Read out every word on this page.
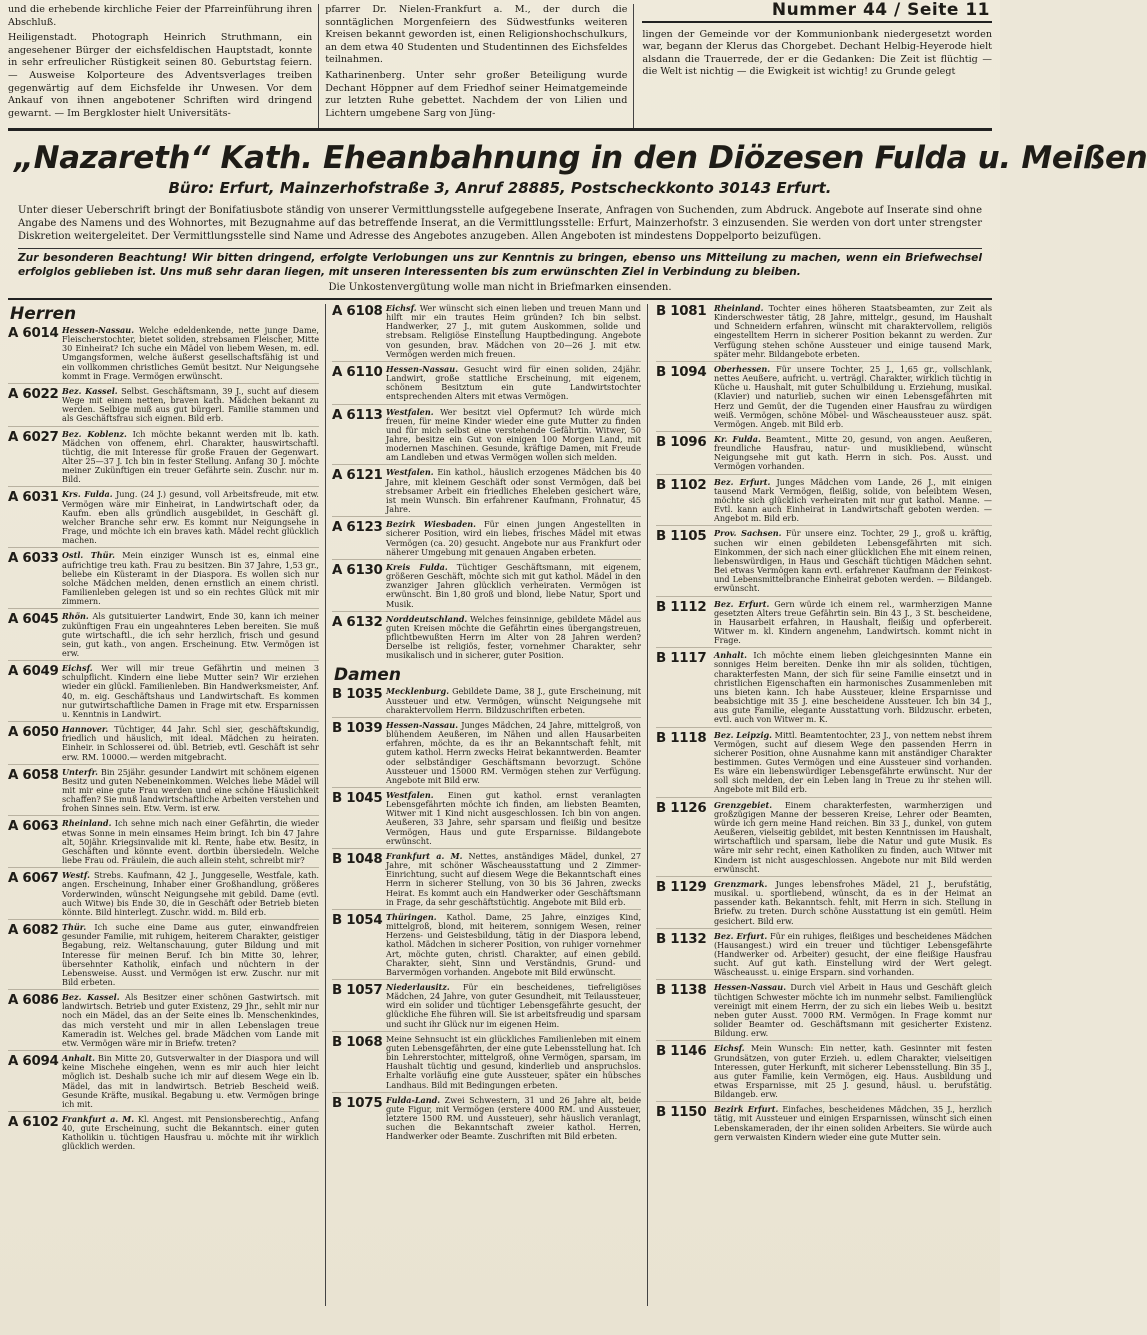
und die erhebende kirchliche Feier der Pfarreinführung ihren Abschluß.

Heiligenstadt. Photograph Heinrich Struthmann, ein angesehener Bürger der eichsfeldischen Hauptstadt, konnte in sehr erfreulicher Rüstigkeit seinen 80. Geburtstag feiern. — Ausweise Kolporteure des Adventsverlages treiben gegenwärtig auf dem Eichsfelde ihr Unwesen. Vor dem Ankauf von ihnen angebotener Schriften wird dringend gewarnt. — Im Bergkloster hielt Universitäts-

pfarrer Dr. Nielen-Frankfurt a. M., der durch die sonntäglichen Morgenfeiern des Südwestfunks weiteren Kreisen bekannt geworden ist, einen Religionshochschulkurs, an dem etwa 40 Studenten und Studentinnen des Eichsfeldes teilnahmen.

Katharinenberg. Unter sehr großer Beteiligung wurde Dechant Höppner auf dem Friedhof seiner Heimatgemeinde zur letzten Ruhe gebettet. Nachdem der von Lilien und Lichtern umgebene Sarg von Jüng-

Nummer 44 / Seite 11

lingen der Gemeinde vor der Kommunionbank niedergesetzt worden war, begann der Klerus das Chorgebet. Dechant Helbig-Heyerode hielt alsdann die Trauerrede, der er die Gedanken: Die Zeit ist flüchtig — die Welt ist nichtig — die Ewigkeit ist wichtig! zu Grunde gelegt

„Nazareth“ Kath. Eheanbahnung in den Diözesen Fulda u. Meißen
Büro: Erfurt, Mainzerhofstraße 3, Anruf 28885, Postscheckkonto 30143 Erfurt.
Unter dieser Ueberschrift bringt der Bonifatiusbote ständig von unserer Vermittlungsstelle aufgegebene Inserate, Anfragen von Suchenden, zum Abdruck. Angebote auf Inserate sind ohne Angabe des Namens und des Wohnortes, mit Bezugnahme auf das betreffende Inserat, an die Vermittlungsstelle: Erfurt, Mainzerhofstr. 3 einzusenden. Sie werden von dort unter strengster Diskretion weitergeleitet. Der Vermittlungsstelle sind Name und Adresse des Angebotes anzugeben. Allen Angeboten ist mindestens Doppelporto beizufügen.
Zur besonderen Beachtung! Wir bitten dringend, erfolgte Verlobungen uns zur Kenntnis zu bringen, ebenso uns Mitteilung zu machen, wenn ein Briefwechsel erfolglos geblieben ist. Uns muß sehr daran liegen, mit unseren Interessenten bis zum erwünschten Ziel in Verbindung zu bleiben.
Die Unkostenvergütung wolle man nicht in Briefmarken einsenden.
Herren
A 6014 Hessen-Nassau. Welche edeldenkende, nette junge Dame, Fleischerstochter, bietet soliden, strebsamen Fleischer, Mitte 30 Einheirat? Ich suche ein Mädel von liebem Wesen, m. edl. Umgangsformen, welche äußerst gesellschaftsfähig ist und ein vollkommen christliches Gemüt besitzt. Nur Neigungsehe kommt in Frage. Vermögen erwünscht.
A 6022 Bez. Kassel. Selbst. Geschäftsmann, 39 J., sucht auf diesem Wege mit einem netten, braven kath. Mädchen bekannt zu werden. Selbige muß aus gut bürgerl. Familie stammen und als Geschäftsfrau sich eignen. Bild erb.
A 6027 Bez. Koblenz. Ich möchte bekannt werden mit lb. kath. Mädchen von offenem, ehrl. Charakter, hauswirtschaftl. tüchtig, die mit Interesse für große Frauen der Gegenwart. Alter 25—37 J. Ich bin in fester Stellung. Anfang 30 J. möchte meiner Zukünftigen ein treuer Gefährte sein. Zuschr. nur m. Bild.
A 6031 Krs. Fulda. Jung. (24 J.) gesund, voll Arbeitsfreude, mit etw. Vermögen wäre mir Einheirat, in Landwirtschaft oder, da Kaufm. eben alls gründlich ausgebildet, in Geschäft gl. welcher Branche sehr erw. Es kommt nur Neigungsehe in Frage, und möchte ich ein braves kath. Mädel recht glücklich machen.
A 6033 Ostl. Thür. Mein einziger Wunsch ist es, einmal eine aufrichtige treu kath. Frau zu besitzen. Bin 37 Jahre, 1,53 gr., beliebe ein Küsteramt in der Diaspora. Es wollen sich nur solche Mädchen melden, denen ernstlich an einem christl. Familienleben gelegen ist und so ein rechtes Glück mit mir zimmern.
A 6045 Rhön. Als gutsituierter Landwirt, Ende 30, kann ich meiner zukünftigen Frau ein ungeahnteres Leben bereiten. Sie muß gute wirtschaftl., die ich sehr herzlich, frisch und gesund sein, gut kath., von angen. Erscheinung. Etw. Vermögen ist erw.
A 6049 Eichsf. Wer will mir treue Gefährtin und meinen 3 schulpflicht. Kindern eine liebe Mutter sein? Wir erziehen wieder ein glückl. Familienleben. Bin Handwerksmeister, Anf. 40, m. eig. Geschäftshaus und Landwirtschaft. Es kommen nur gutwirtschaftliche Damen in Frage mit etw. Ersparnissen u. Kenntnis in Landwirt.
A 6050 Hannover. Tüchtiger, 44 Jahr. Schl sier, geschäftskundig, friedlich und häuslich, mit ideal. Mädchen zu heiraten. Einheir. in Schlosserei od. übl. Betrieb, evtl. Geschäft ist sehr erw. RM. 10000.— werden mitgebracht.
A 6058 Unterfr. Bin 25jähr. gesunder Landwirt mit schönem eigenen Besitz und guten Nebeneinkommen. Welches liebe Mädel will mit mir eine gute Frau werden und eine schöne Häuslichkeit schaffen? Sie muß landwirtschaftliche Arbeiten verstehen und frohen Sinnes sein. Etw. Verm. ist erw.
A 6063 Rheinland. Ich sehne mich nach einer Gefährtin, die wieder etwas Sonne in mein einsames Heim bringt. Ich bin 47 Jahre alt, 50jähr. Kriegsinvalide mit kl. Rente, habe etw. Besitz, in Geschäften und könnte event. dortbin übersiedeln. Welche liebe Frau od. Fräulein, die auch allein steht, schreibt mir?
A 6067 Westf. Strebs. Kaufmann, 42 J., Junggeselle, Westfale, kath. angen. Erscheinung, Inhaber einer Großhandlung, größeres Vorderwinden, wünscht Neigungsehe mit gebild. Dame (evtl. auch Witwe) bis Ende 30, die in Geschäft oder Betrieb bieten könnte. Bild hinterlegt. Zuschr. widd. m. Bild erb.
A 6082 Thür. Ich suche eine Dame aus guter, einwandfreien gesunder Familie, mit ruhigem, heiterem Charakter, geistiger Begabung, reiz. Weltanschauung, guter Bildung und mit Interesse für meinen Beruf. Ich bin Mitte 30, lehrer, übersehnter Katholik, einfach und nüchtern in der Lebensweise. Ausst. und Vermögen ist erw. Zuschr. nur mit Bild erbeten.
A 6086 Bez. Kassel. Als Besitzer einer schönen Gastwirtsch. mit landwirtsch. Betrieb und guter Existenz, 29 Jhr., sehlt mir nur noch ein Mädel, das an der Seite eines lb. Menschenkindes, das mich versteht und mir in allen Lebenslagen treue Kameradin ist. Welches gel. brade Mädchen vom Lande mit etw. Vermögen wäre mir in Briefw. treten?
A 6094 Anhalt. Bin Mitte 20, Gutsverwalter in der Diaspora und will keine Mischehe eingehen, wenn es mir auch hier leicht möglich ist. Deshalb suche ich mir auf diesem Wege ein lb. Mädel, das mit in landwirtsch. Betrieb Bescheid weiß. Gesunde Kräfte, musikal. Begabung u. etw. Vermögen bringe ich mit.
A 6102 Frankfurt a. M. Kl. Angest. mit Pensionsberechtig., Anfang 40, gute Erscheinung, sucht die Bekanntsch. einer guten Katholikin u. tüchtigen Hausfrau u. möchte mit ihr wirklich glücklich werden.
A 6108 Eichsf. Wer wünscht sich einen lieben und treuen Mann und hilft mir ein trautes Heim gründen? Ich bin selbst. Handwerker, 27 J., mit gutem Auskommen, solide und strebsam. Religiöse Einstellung Hauptbedingung. Angebote von gesunden, brav. Mädchen von 20—26 J. mit etw. Vermögen werden mich freuen.
A 6110 Hessen-Nassau. Gesucht wird für einen soliden, 24jähr. Landwirt, große stattliche Erscheinung, mit eigenem, schönem Besitztum ein gute Landwirtstochter entsprechenden Alters mit etwas Vermögen.
A 6113 Westfalen. Wer besitzt viel Opfermut? Ich würde mich freuen, für meine Kinder wieder eine gute Mutter zu finden und für mich selbst eine verstehende Gefährtin. Witwer, 50 Jahre, besitze ein Gut von einigen 100 Morgen Land, mit modernen Maschinen. Gesunde, kräftige Damen, mit Freude am Landleben und etwas Vermögen wollen sich melden.
A 6121 Westfalen. Ein kathol., häuslich erzogenes Mädchen bis 40 Jahre, mit kleinem Geschäft oder sonst Vermögen, daß bei strebsamer Arbeit ein friedliches Eheleben gesichert wäre, ist mein Wunsch. Bin erfahrener Kaufmann, Frohnatur, 45 Jahre.
A 6123 Bezirk Wiesbaden. Für einen jungen Angestellten in sicherer Position, wird ein liebes, frisches Mädel mit etwas Vermögen (ca. 20) gesucht. Angebote nur aus Frankfurt oder näherer Umgebung mit genauen Angaben erbeten.
A 6130 Kreis Fulda. Tüchtiger Geschäftsmann, mit eigenem, größeren Geschäft, möchte sich mit gut kathol. Mädel in den zwanziger Jahren glücklich verheiraten. Vermögen ist erwünscht. Bin 1,80 groß und blond, liebe Natur, Sport und Musik.
A 6132 Norddeutschland. Welches feinsinnige, gebildete Mädel aus guten Kreisen möchte die Gefährtin eines übergangstreuen, pflichtbewußten Herrn im Alter von 28 Jahren werden? Derselbe ist religiös, fester, vornehmer Charakter, sehr musikalisch und in sicherer, guter Position.
Damen
B 1035 Mecklenburg. Gebildete Dame, 38 J., gute Erscheinung, mit Aussteuer und etw. Vermögen, wünscht Neigungsehe mit charaktervollem Herrn. Bildzuschriften erbeten.
B 1039 Hessen-Nassau. Junges Mädchen, 24 Jahre, mittelgroß, von blühendem Aeußeren, im Nähen und allen Hausarbeiten erfahren, möchte, da es ihr an Bekanntschaft fehlt, mit gutem kathol. Herrn zwecks Heirat bekanntwerden. Beamter oder selbständiger Geschäftsmann bevorzugt. Schöne Aussteuer und 15000 RM. Vermögen stehen zur Verfügung. Angebote mit Bild erw.
B 1045 Westfalen. Einen gut kathol. ernst veranlagten Lebensgefährten möchte ich finden, am liebsten Beamten, Witwer mit 1 Kind nicht ausgeschlossen. Ich bin von angen. Aeußeren, 33 Jahre, sehr sparsam und fleißig und besitze Vermögen, Haus und gute Ersparnisse. Bildangebote erwünscht.
B 1048 Frankfurt a. M. Nettes, anständiges Mädel, dunkel, 27 Jahre, mit schöner Wäscheausstattung und 2 Zimmer-Einrichtung, sucht auf diesem Wege die Bekanntschaft eines Herrn in sicherer Stellung, von 30 bis 36 Jahren, zwecks Heirat. Es kommt auch ein Handwerker oder Geschäftsmann in Frage, da sehr geschäftstüchtig. Angebote mit Bild erb.
B 1054 Thüringen. Kathol. Dame, 25 Jahre, einziges Kind, mittelgroß, blond, mit heiterem, sonnigem Wesen, reiner Herzens- und Geistesbildung, tätig in der Diaspora lebend, kathol. Mädchen in sicherer Position, von ruhiger vornehmer Art, möchte guten, christl. Charakter, auf einen gebild. Charakter, sieht, Sinn und Verständnis, Grund- und Barvermögen vorhanden. Angebote mit Bild erwünscht.
B 1057 Niederlausitz. Für ein bescheidenes, tiefreligiöses Mädchen, 24 Jahre, von guter Gesundheit, mit Teilaussteuer, wird ein solider und tüchtiger Lebensgefährte gesucht, der glückliche Ehe führen will. Sie ist arbeitsfreudig und sparsam und sucht ihr Glück nur im eigenen Heim.
B 1068 Meine Sehnsucht ist ein glückliches Familienleben mit einem guten Lebensgefährten, der eine gute Lebensstellung hat. Ich bin Lehrerstochter, mittelgroß, ohne Vermögen, sparsam, im Haushalt tüchtig und gesund, kinderlieb und anspruchslos. Erhalte vorläufig eine gute Aussteuer, später ein hübsches Landhaus. Bild mit Bedingungen erbeten.
B 1075 Fulda-Land. Zwei Schwestern, 31 und 26 Jahre alt, beide gute Figur, mit Vermögen (erstere 4000 RM. und Aussteuer, letztere 1500 RM. und Aussteuer), sehr häuslich veranlagt, suchen die Bekanntschaft zweier kathol. Herren, Handwerker oder Beamte. Zuschriften mit Bild erbeten.
B 1081 Rheinland. Tochter eines höheren Staatsbeamten, zur Zeit als Kinderschwester tätig, 28 Jahre, mittelgr., gesund, im Haushalt und Schneidern erfahren, wünscht mit charaktervollem, religiös eingestelltem Herrn in sicherer Position bekannt zu werden. Zur Verfügung stehen schöne Aussteuer und einige tausend Mark, später mehr. Bildangebote erbeten.
B 1094 Oberhessen. Für unsere Tochter, 25 J., 1,65 gr., vollschlank, nettes Aeußere, aufricht. u. verträgl. Charakter, wirklich tüchtig in Küche u. Haushalt, mit guter Schulbildung u. Erziehung, musikal. (Klavier) und naturlieb, suchen wir einen Lebensgefährten mit Herz und Gemüt, der die Tugenden einer Hausfrau zu würdigen weiß. Vermögen, schöne Möbel- und Wäscheaussteuer ausz. spät. Vermögen. Angeb. mit Bild erb.
B 1096 Kr. Fulda. Beamtent., Mitte 20, gesund, von angen. Aeußeren, freundliche Hausfrau, natur- und musikliebend, wünscht Neigungsehe mit gut kath. Herrn in sich. Pos. Ausst. und Vermögen vorhanden.
B 1102 Bez. Erfurt. Junges Mädchen vom Lande, 26 J., mit einigen tausend Mark Vermögen, fleißig, solide, von beleibtem Wesen, möchte sich glücklich verheiraten mit nur gut kathol. Manne. — Evtl. kann auch Einheirat in Landwirtschaft geboten werden. — Angebot m. Bild erb.
B 1105 Prov. Sachsen. Für unsere einz. Tochter, 29 J., groß u. kräftig, suchen wir einen gebildeten Lebensgefährten mit sich. Einkommen, der sich nach einer glücklichen Ehe mit einem reinen, liebenswürdigen, in Haus und Geschäft tüchtigen Mädchen sehnt. Bei etwas Vermögen kann evtl. erfahrener Kaufmann der Feinkost- und Lebensmittelbranche Einheirat geboten werden. — Bildangeb. erwünscht.
B 1112 Bez. Erfurt. Gern würde ich einem rel., warmherzigen Manne gesetzten Alters treue Gefährtin sein. Bin 43 J., 3 St. bescheidene, in Hausarbeit erfahren, in Haushalt, fleißig und opferbereit. Witwer m. kl. Kindern angenehm, Landwirtsch. kommt nicht in Frage.
B 1117 Anhalt. Ich möchte einem lieben gleichgesinnten Manne ein sonniges Heim bereiten. Denke ihn mir als soliden, tüchtigen, charakterfesten Mann, der sich für seine Familie einsetzt und in christlichen Eigenschaften ein harmonisches Zusammenleben mit uns bieten kann. Ich habe Aussteuer, kleine Ersparnisse und beabsichtige mit 35 J. eine bescheidene Aussteuer. Ich bin 34 J., aus gute Familie, elegante Ausstattung vorh. Bildzuschr. erbeten, evtl. auch von Witwer m. K.
B 1118 Bez. Leipzig. Mittl. Beamtentochter, 23 J., von nettem nebst ihrem Vermögen, sucht auf diesem Wege den passenden Herrn in sicherer Position, ohne Ausnahme kann mit anständiger Charakter bestimmen. Gutes Vermögen und eine Aussteuer sind vorhanden. Es wäre ein liebenswürdiger Lebensgefährte erwünscht. Nur der soll sich melden, der ein Leben lang in Treue zu ihr stehen will. Angebote mit Bild erb.
B 1126 Grenzgebiet. Einem charakterfesten, warmherzigen und großzügigen Manne der besseren Kreise, Lehrer oder Beamten, würde ich gern meine Hand reichen. Bin 33 J., dunkel, von gutem Aeußeren, vielseitig gebildet, mit besten Kenntnissen im Haushalt, wirtschaftlich und sparsam, liebe die Natur und gute Musik. Es wäre mir sehr recht, einen Katholiken zu finden, auch Witwer mit Kindern ist nicht ausgeschlossen. Angebote nur mit Bild werden erwünscht.
B 1129 Grenzmark. Junges lebensfrohes Mädel, 21 J., berufstätig, musikal. u. sportliebend, wünscht, da es in der Heimat an passender kath. Bekanntsch. fehlt, mit Herrn in sich. Stellung in Briefw. zu treten. Durch schöne Ausstattung ist ein gemütl. Heim gesichert. Bild erw.
B 1132 Bez. Erfurt. Für ein ruhiges, fleißiges und bescheidenes Mädchen (Hausangest.) wird ein treuer und tüchtiger Lebensgefährte (Handwerker od. Arbeiter) gesucht, der eine fleißige Hausfrau sucht. Auf gut kath. Einstellung wird der Wert gelegt. Wäscheausst. u. einige Ersparn. sind vorhanden.
B 1138 Hessen-Nassau. Durch viel Arbeit in Haus und Geschäft gleich tüchtigen Schwester möchte ich im nunmehr selbst. Familienglück vereinigt mit einem Herrn, der zu sich ein liebes Weib u. besitzt neben guter Ausst. 7000 RM. Vermögen. In Frage kommt nur solider Beamter od. Geschäftsmann mit gesicherter Existenz. Bildung. erw.
B 1146 Eichsf. Mein Wunsch: Ein netter, kath. Gesinnter mit festen Grundsätzen, von guter Erzieh. u. edlem Charakter, vielseitigen Interessen, guter Herkunft, mit sicherer Lebensstellung. Bin 35 J., aus guter Familie, kein Vermögen, eig. Haus. Ausbildung und etwas Ersparnisse, mit 25 J. gesund, häusl. u. berufstätig. Bildangeb. erw.
B 1150 Bezirk Erfurt. Einfaches, bescheidenes Mädchen, 35 J., herzlich tätig, mit Aussteuer und einigen Ersparnissen, wünscht sich einen Lebenskameraden, der ihr einen soliden Arbeiters. Sie würde auch gern verwaisten Kindern wieder eine gute Mutter sein.
